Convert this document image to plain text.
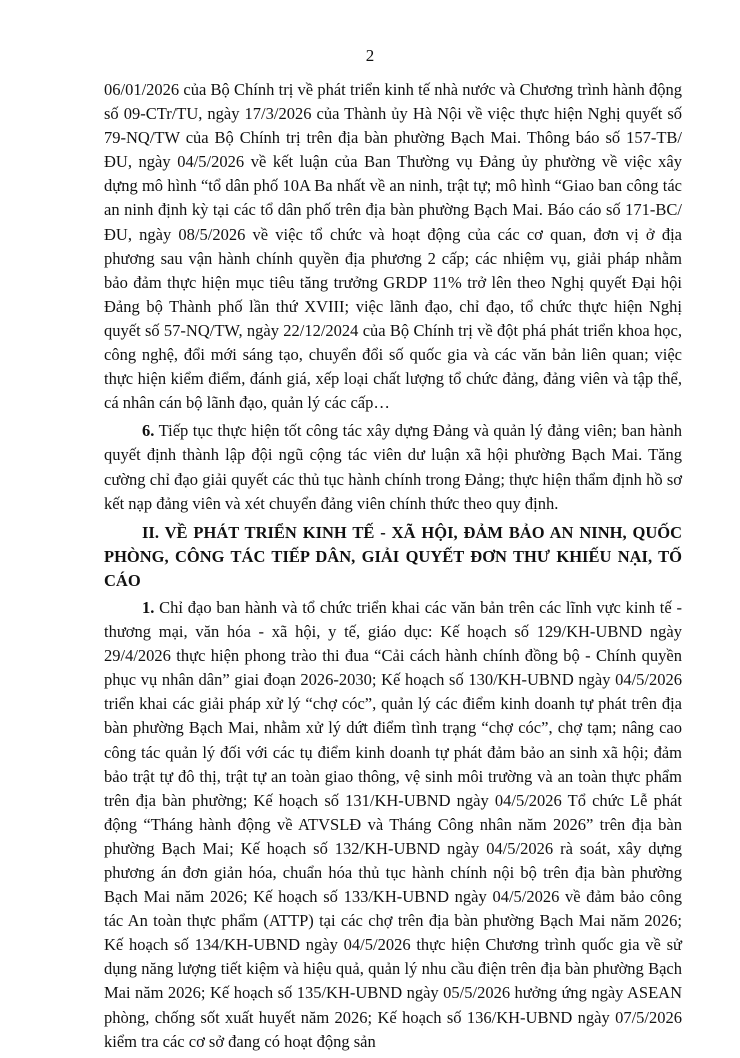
2

06/01/2026 của Bộ Chính trị về phát triển kinh tế nhà nước và Chương trình hành động số 09-CTr/TU, ngày 17/3/2026 của Thành ủy Hà Nội về việc thực hiện Nghị quyết số 79-NQ/TW của Bộ Chính trị trên địa bàn phường Bạch Mai. Thông báo số 157-TB/ĐU, ngày 04/5/2026 về kết luận của Ban Thường vụ Đảng ủy phường về việc xây dựng mô hình “tổ dân phố 10A Ba nhất về an ninh, trật tự; mô hình “Giao ban công tác an ninh định kỳ tại các tổ dân phố trên địa bàn phường Bạch Mai. Báo cáo số 171-BC/ĐU, ngày 08/5/2026 về việc tổ chức và hoạt động của các cơ quan, đơn vị ở địa phương sau vận hành chính quyền địa phương 2 cấp; các nhiệm vụ, giải pháp nhằm bảo đảm thực hiện mục tiêu tăng trưởng GRDP 11% trở lên theo Nghị quyết Đại hội Đảng bộ Thành phố lần thứ XVIII; việc lãnh đạo, chỉ đạo, tổ chức thực hiện Nghị quyết số 57-NQ/TW, ngày 22/12/2024 của Bộ Chính trị về đột phá phát triển khoa học, công nghệ, đổi mới sáng tạo, chuyển đổi số quốc gia và các văn bản liên quan; việc thực hiện kiểm điểm, đánh giá, xếp loại chất lượng tổ chức đảng, đảng viên và tập thể, cá nhân cán bộ lãnh đạo, quản lý các cấp…

6. Tiếp tục thực hiện tốt công tác xây dựng Đảng và quản lý đảng viên; ban hành quyết định thành lập đội ngũ cộng tác viên dư luận xã hội phường Bạch Mai. Tăng cường chỉ đạo giải quyết các thủ tục hành chính trong Đảng; thực hiện thẩm định hồ sơ kết nạp đảng viên và xét chuyển đảng viên chính thức theo quy định.

II. VỀ PHÁT TRIỂN KINH TẾ - XÃ HỘI, ĐẢM BẢO AN NINH, QUỐC PHÒNG, CÔNG TÁC TIẾP DÂN, GIẢI QUYẾT ĐƠN THƯ KHIẾU NẠI, TỐ CÁO

1. Chỉ đạo ban hành và tổ chức triển khai các văn bản trên các lĩnh vực kinh tế - thương mại, văn hóa - xã hội, y tế, giáo dục: Kế hoạch số 129/KH-UBND ngày 29/4/2026 thực hiện phong trào thi đua “Cải cách hành chính đồng bộ - Chính quyền phục vụ nhân dân” giai đoạn 2026-2030; Kế hoạch số 130/KH-UBND ngày 04/5/2026 triển khai các giải pháp xử lý “chợ cóc”, quản lý các điểm kinh doanh tự phát trên địa bàn phường Bạch Mai, nhằm xử lý dứt điểm tình trạng “chợ cóc”, chợ tạm; nâng cao công tác quản lý đối với các tụ điểm kinh doanh tự phát đảm bảo an sinh xã hội; đảm bảo trật tự đô thị, trật tự an toàn giao thông, vệ sinh môi trường và an toàn thực phẩm trên địa bàn phường; Kế hoạch số 131/KH-UBND ngày 04/5/2026 Tổ chức Lễ phát động “Tháng hành động về ATVSLĐ và Tháng Công nhân năm 2026” trên địa bàn phường Bạch Mai; Kế hoạch số 132/KH-UBND ngày 04/5/2026 rà soát, xây dựng phương án đơn giản hóa, chuẩn hóa thủ tục hành chính nội bộ trên địa bàn phường Bạch Mai năm 2026; Kế hoạch số 133/KH-UBND ngày 04/5/2026 về đảm bảo công tác An toàn thực phẩm (ATTP) tại các chợ trên địa bàn phường Bạch Mai năm 2026; Kế hoạch số 134/KH-UBND ngày 04/5/2026 thực hiện Chương trình quốc gia về sử dụng năng lượng tiết kiệm và hiệu quả, quản lý nhu cầu điện trên địa bàn phường Bạch Mai năm 2026; Kế hoạch số 135/KH-UBND ngày 05/5/2026 hưởng ứng ngày ASEAN phòng, chống sốt xuất huyết năm 2026; Kế hoạch số 136/KH-UBND ngày 07/5/2026 kiểm tra các cơ sở đang có hoạt động sản
